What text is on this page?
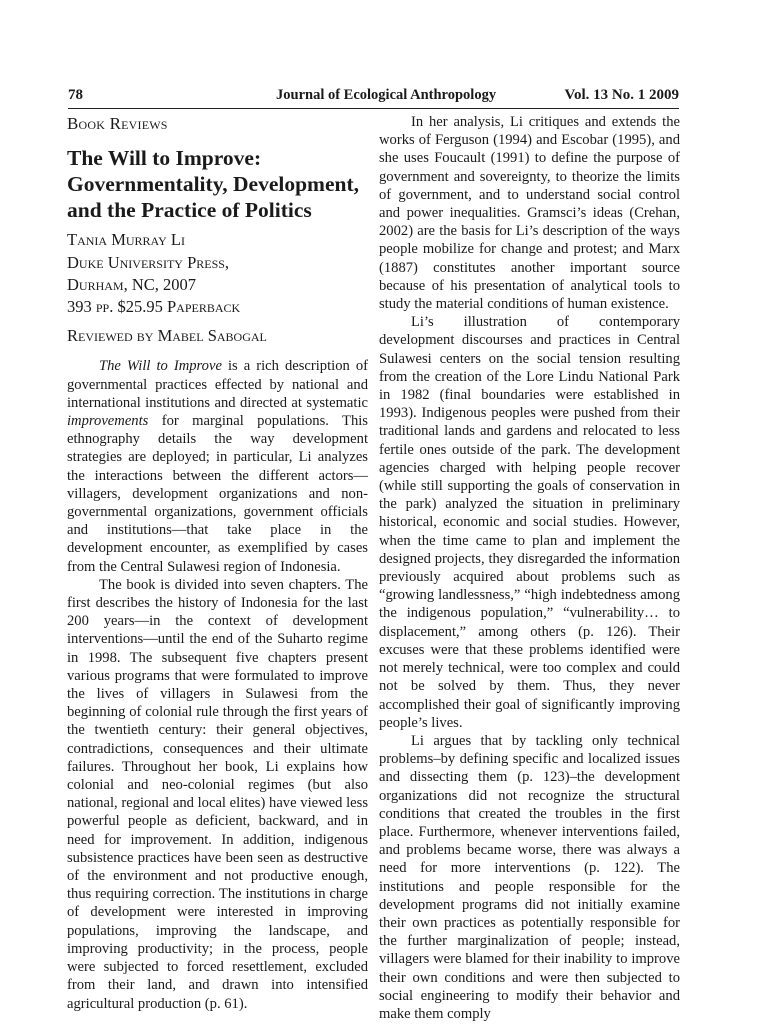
78	Journal of Ecological Anthropology	Vol. 13 No. 1 2009
Book Reviews
The Will to Improve:
Governmentality, Development,
and the Practice of Politics
Tania Murray Li
Duke University Press,
Durham, NC, 2007
393 pp. $25.95 Paperback
Reviewed by Mabel Sabogal

The Will to Improve is a rich description of governmental practices effected by national and international institutions and directed at systematic improvements for marginal populations. This ethnography details the way development strategies are deployed; in particular, Li analyzes the interactions between the different actors—villagers, development organizations and non-governmental organizations, government officials and institutions—that take place in the development encounter, as exemplified by cases from the Central Sulawesi region of Indonesia.

The book is divided into seven chapters. The first describes the history of Indonesia for the last 200 years—in the context of development interventions—until the end of the Suharto regime in 1998. The subsequent five chapters present various programs that were formulated to improve the lives of villagers in Sulawesi from the beginning of colonial rule through the first years of the twentieth century: their general objectives, contradictions, consequences and their ultimate failures. Throughout her book, Li explains how colonial and neo-colonial regimes (but also national, regional and local elites) have viewed less powerful people as deficient, backward, and in need for improvement. In addition, indigenous subsistence practices have been seen as destructive of the environment and not productive enough, thus requiring correction. The institutions in charge of development were interested in improving populations, improving the landscape, and improving productivity; in the process, people were subjected to forced resettlement, excluded from their land, and drawn into intensified agricultural production (p. 61).

In her analysis, Li critiques and extends the works of Ferguson (1994) and Escobar (1995), and she uses Foucault (1991) to define the purpose of government and sovereignty, to theorize the limits of government, and to understand social control and power inequalities. Gramsci’s ideas (Crehan, 2002) are the basis for Li’s description of the ways people mobilize for change and protest; and Marx (1887) constitutes another important source because of his presentation of analytical tools to study the material conditions of human existence.

Li’s illustration of contemporary development discourses and practices in Central Sulawesi centers on the social tension resulting from the creation of the Lore Lindu National Park in 1982 (final boundaries were established in 1993). Indigenous peoples were pushed from their traditional lands and gardens and relocated to less fertile ones outside of the park. The development agencies charged with helping people recover (while still supporting the goals of conservation in the park) analyzed the situation in preliminary historical, economic and social studies. However, when the time came to plan and implement the designed projects, they disregarded the information previously acquired about problems such as “growing landlessness,” “high indebtedness among the indigenous population,” “vulnerability… to displacement,” among others (p. 126). Their excuses were that these problems identified were not merely technical, were too complex and could not be solved by them. Thus, they never accomplished their goal of significantly improving people’s lives.

Li argues that by tackling only technical problems–by defining specific and localized issues and dissecting them (p. 123)–the development organizations did not recognize the structural conditions that created the troubles in the first place. Furthermore, whenever interventions failed, and problems became worse, there was always a need for more interventions (p. 122). The institutions and people responsible for the development programs did not initially examine their own practices as potentially responsible for the further marginalization of people; instead, villagers were blamed for their inability to improve their own conditions and were then subjected to social engineering to modify their behavior and make them comply
